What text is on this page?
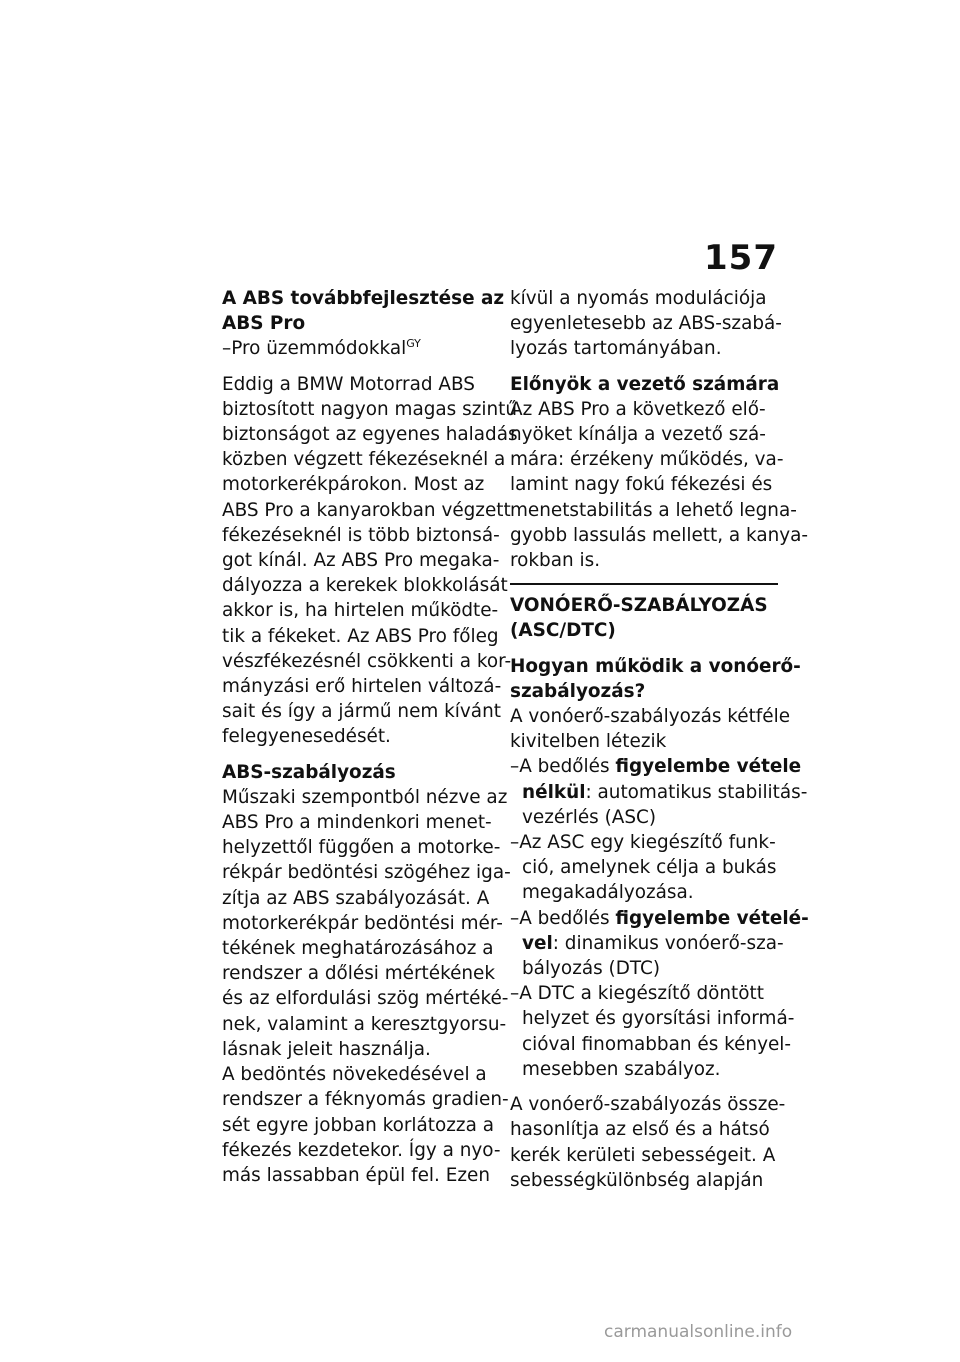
157
A ABS továbbfejlesztése az
ABS Pro
–Pro üzemmódokkal$^{GY}$
Eddig a BMW Motorrad ABS
biztosított nagyon magas szintű
biztonságot az egyenes haladás
közben végzett fékezéseknél a
motorkerékpárokon. Most az
ABS Pro a kanyarokban végzett
fékezéseknél is több biztonsá-
got kínál. Az ABS Pro megaka-
dályozza a kerekek blokkolását
akkor is, ha hirtelen működte-
tik a fékeket. Az ABS Pro főleg
vészfékezésnél csökkenti a kor-
mányzási erő hirtelen változá-
sait és így a jármű nem kívánt
felegyenesedését.
ABS-szabályozás
Műszaki szempontból nézve az
ABS Pro a mindenkori menet-
helyzettől függően a motorke-
rékpár bedöntési szögéhez iga-
zítja az ABS szabályozását. A
motorkerékpár bedöntési mér-
tékének meghatározásához a
rendszer a dőlési mértékének
és az elfordulási szög mértéké-
nek, valamint a keresztgyorsu-
lásnak jeleit használja.
A bedöntés növekedésével a
rendszer a féknyomás gradien-
sét egyre jobban korlátozza a
fékezés kezdetekor. Így a nyo-
más lassabban épül fel. Ezen
kívül a nyomás modulációja
egyenletesebb az ABS-szabá-
lyozás tartományában.
Előnyök a vezető számára
Az ABS Pro a következő elő-
nyöket kínálja a vezető szá-
mára: érzékeny működés, va-
lamint nagy fokú fékezési és
menetstabilitás a lehető legna-
gyobb lassulás mellett, a kanya-
rokban is.
VONÓERŐ-SZABÁLYOZÁS
(ASC/DTC)
Hogyan működik a vonóerő-
szabályozás?
A vonóerő-szabályozás kétféle
kivitelben létezik
–A bedőlés figyelembe vétele
nélkül: automatikus stabilitás-
vezérlés (ASC)
–Az ASC egy kiegészítő funk-
ció, amelynek célja a bukás
megakadályozása.
–A bedőlés figyelembe vételé-
vel: dinamikus vonóerő-sza-
bályozás (DTC)
–A DTC a kiegészítő döntött
helyzet és gyorsítási informá-
cióval finomabban és kényel-
mesebben szabályoz.
A vonóerő-szabályozás össze-
hasonlítja az első és a hátsó
kerék kerületi sebességeit. A
sebességkülönbség alapján
carmanualsonline.info
